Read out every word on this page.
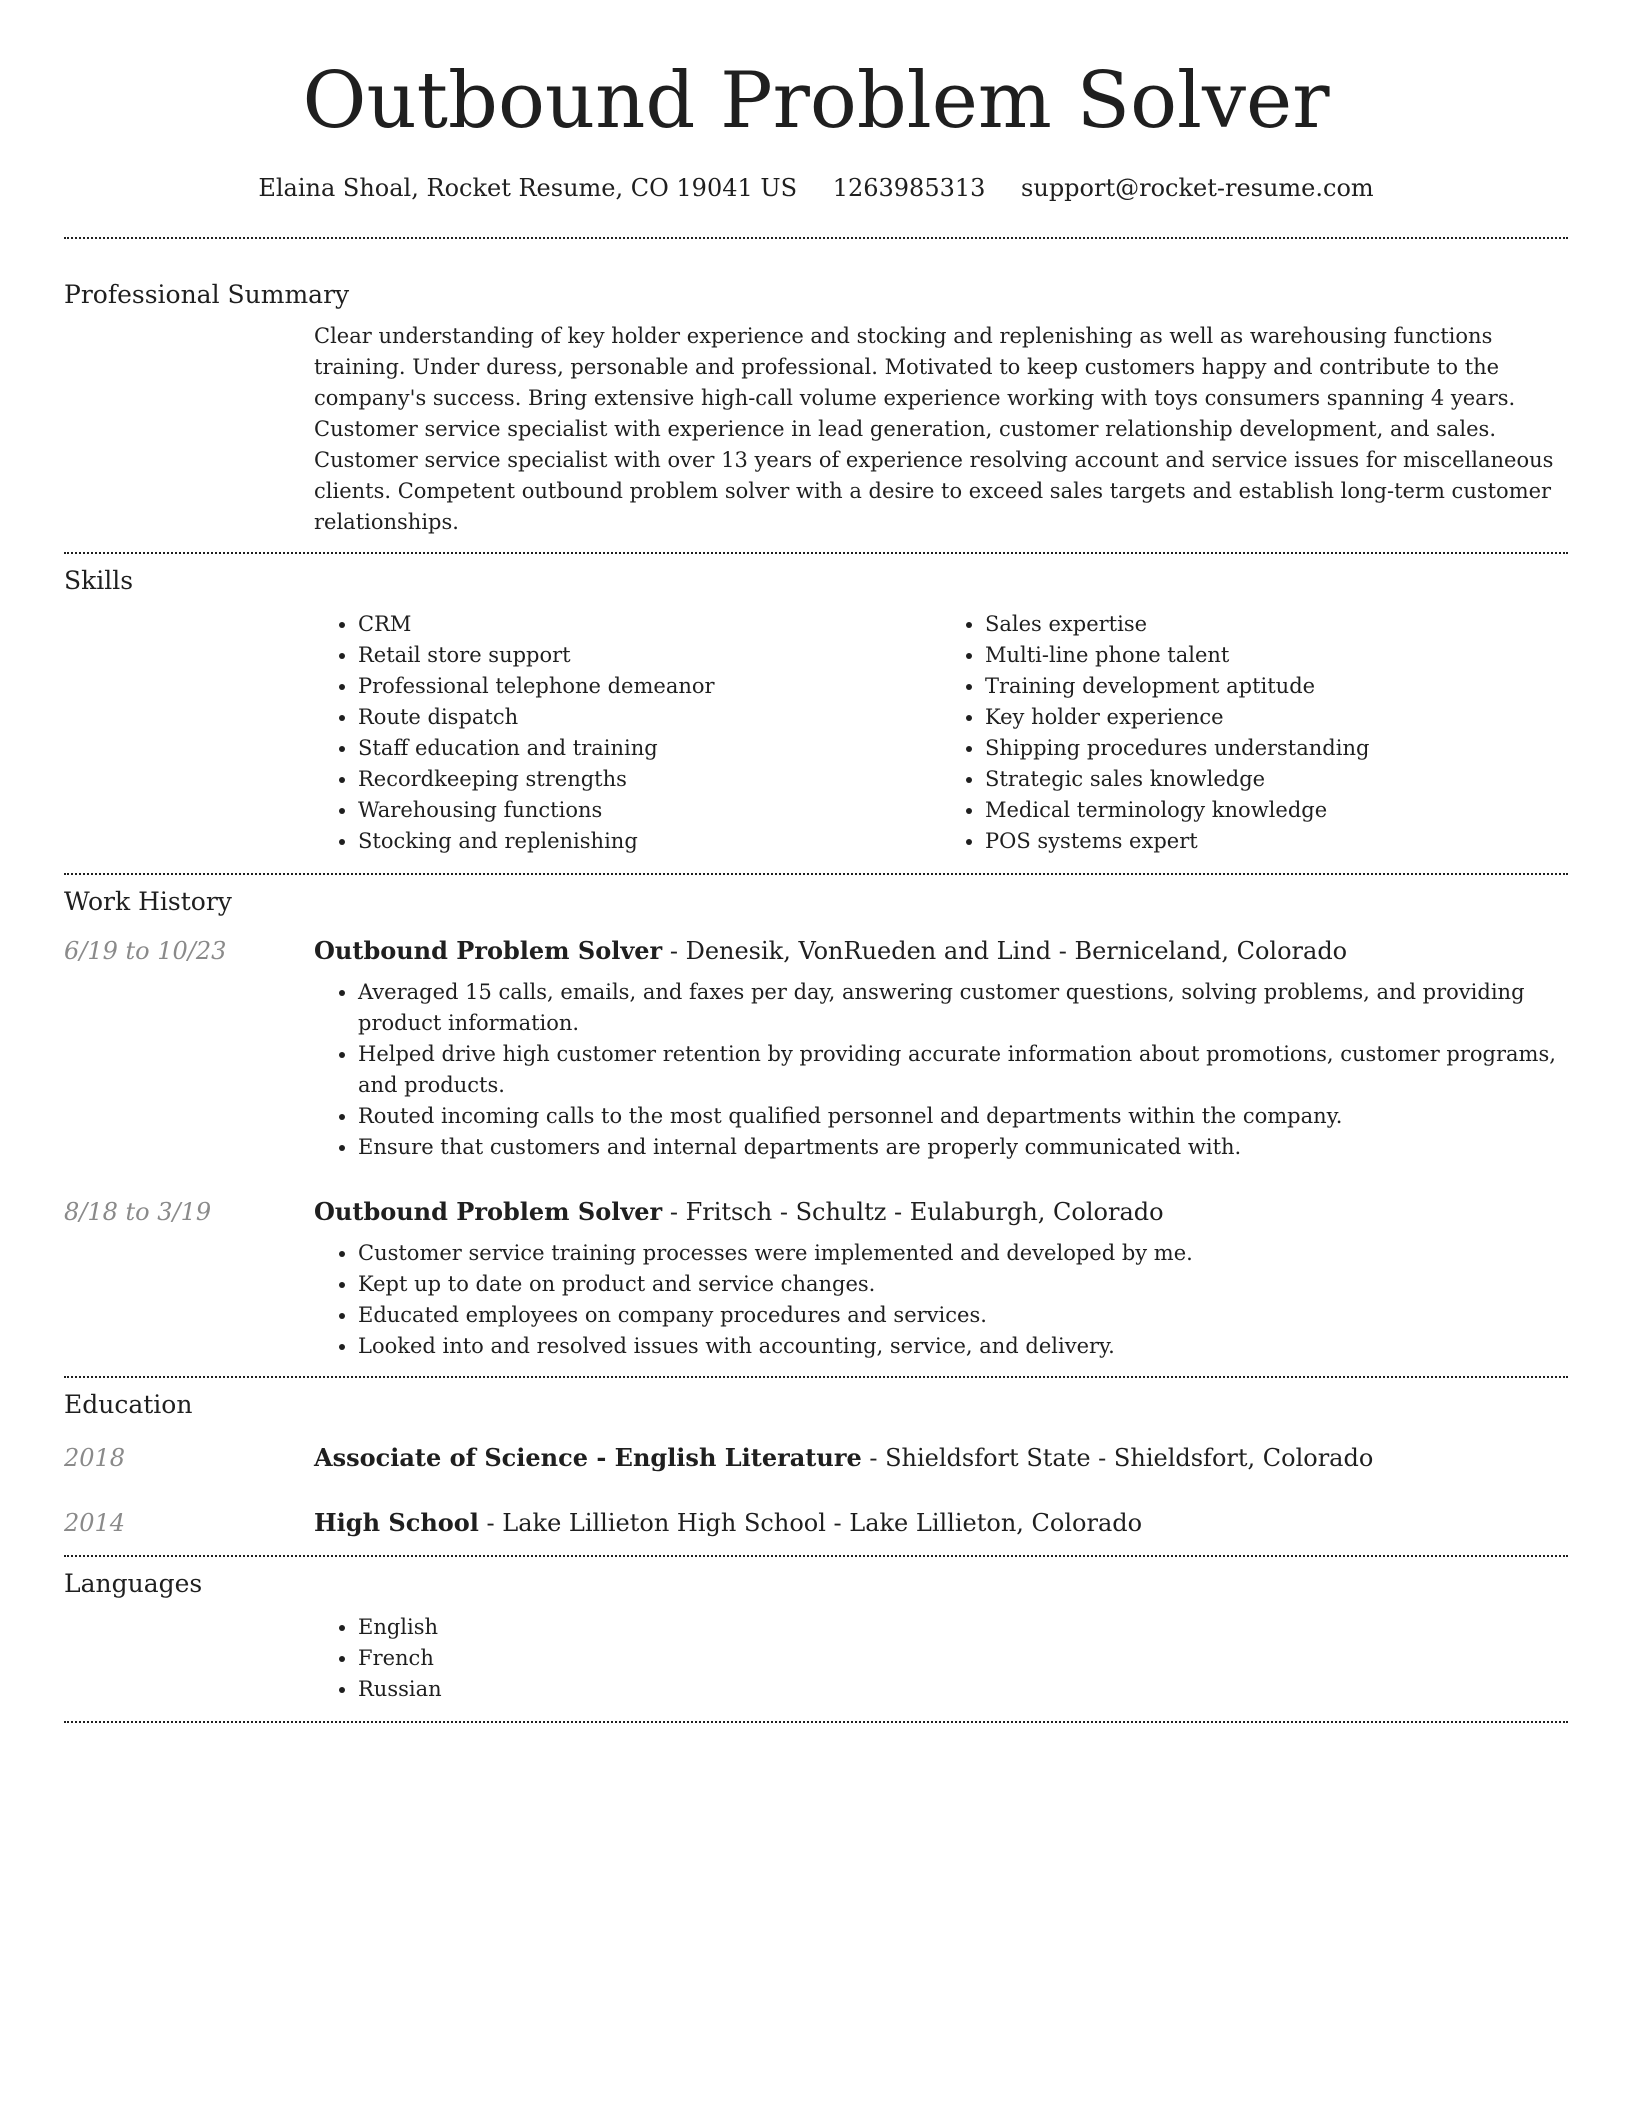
Outbound Problem Solver
Elaina Shoal, Rocket Resume, CO 19041 US 1263985313 support@rocket-resume.com
Professional Summary

Clear understanding of key holder experience and stocking and replenishing as well as warehousing functions training. Under duress, personable and professional. Motivated to keep customers happy and contribute to the company's success. Bring extensive high-call volume experience working with toys consumers spanning 4 years. Customer service specialist with experience in lead generation, customer relationship development, and sales. Customer service specialist with over 13 years of experience resolving account and service issues for miscellaneous clients. Competent outbound problem solver with a desire to exceed sales targets and establish long-term customer relationships.

Skills
• CRM
• Retail store support
• Professional telephone demeanor
• Route dispatch
• Staff education and training
• Recordkeeping strengths
• Warehousing functions
• Stocking and replenishing
• Sales expertise
• Multi-line phone talent
• Training development aptitude
• Key holder experience
• Shipping procedures understanding
• Strategic sales knowledge
• Medical terminology knowledge
• POS systems expert
Work History
6/19 to 10/23	Outbound Problem Solver - Denesik, VonRueden and Lind - Berniceland, Colorado
• Averaged 15 calls, emails, and faxes per day, answering customer questions, solving problems, and providing product information.
• Helped drive high customer retention by providing accurate information about promotions, customer programs, and products.
• Routed incoming calls to the most qualified personnel and departments within the company.
• Ensure that customers and internal departments are properly communicated with.
8/18 to 3/19	Outbound Problem Solver - Fritsch - Schultz - Eulaburgh, Colorado
• Customer service training processes were implemented and developed by me.
• Kept up to date on product and service changes.
• Educated employees on company procedures and services.
• Looked into and resolved issues with accounting, service, and delivery.
Education
2018	Associate of Science - English Literature - Shieldsfort State - Shieldsfort, Colorado
2014	High School - Lake Lillieton High School - Lake Lillieton, Colorado
Languages
• English
• French
• Russian
